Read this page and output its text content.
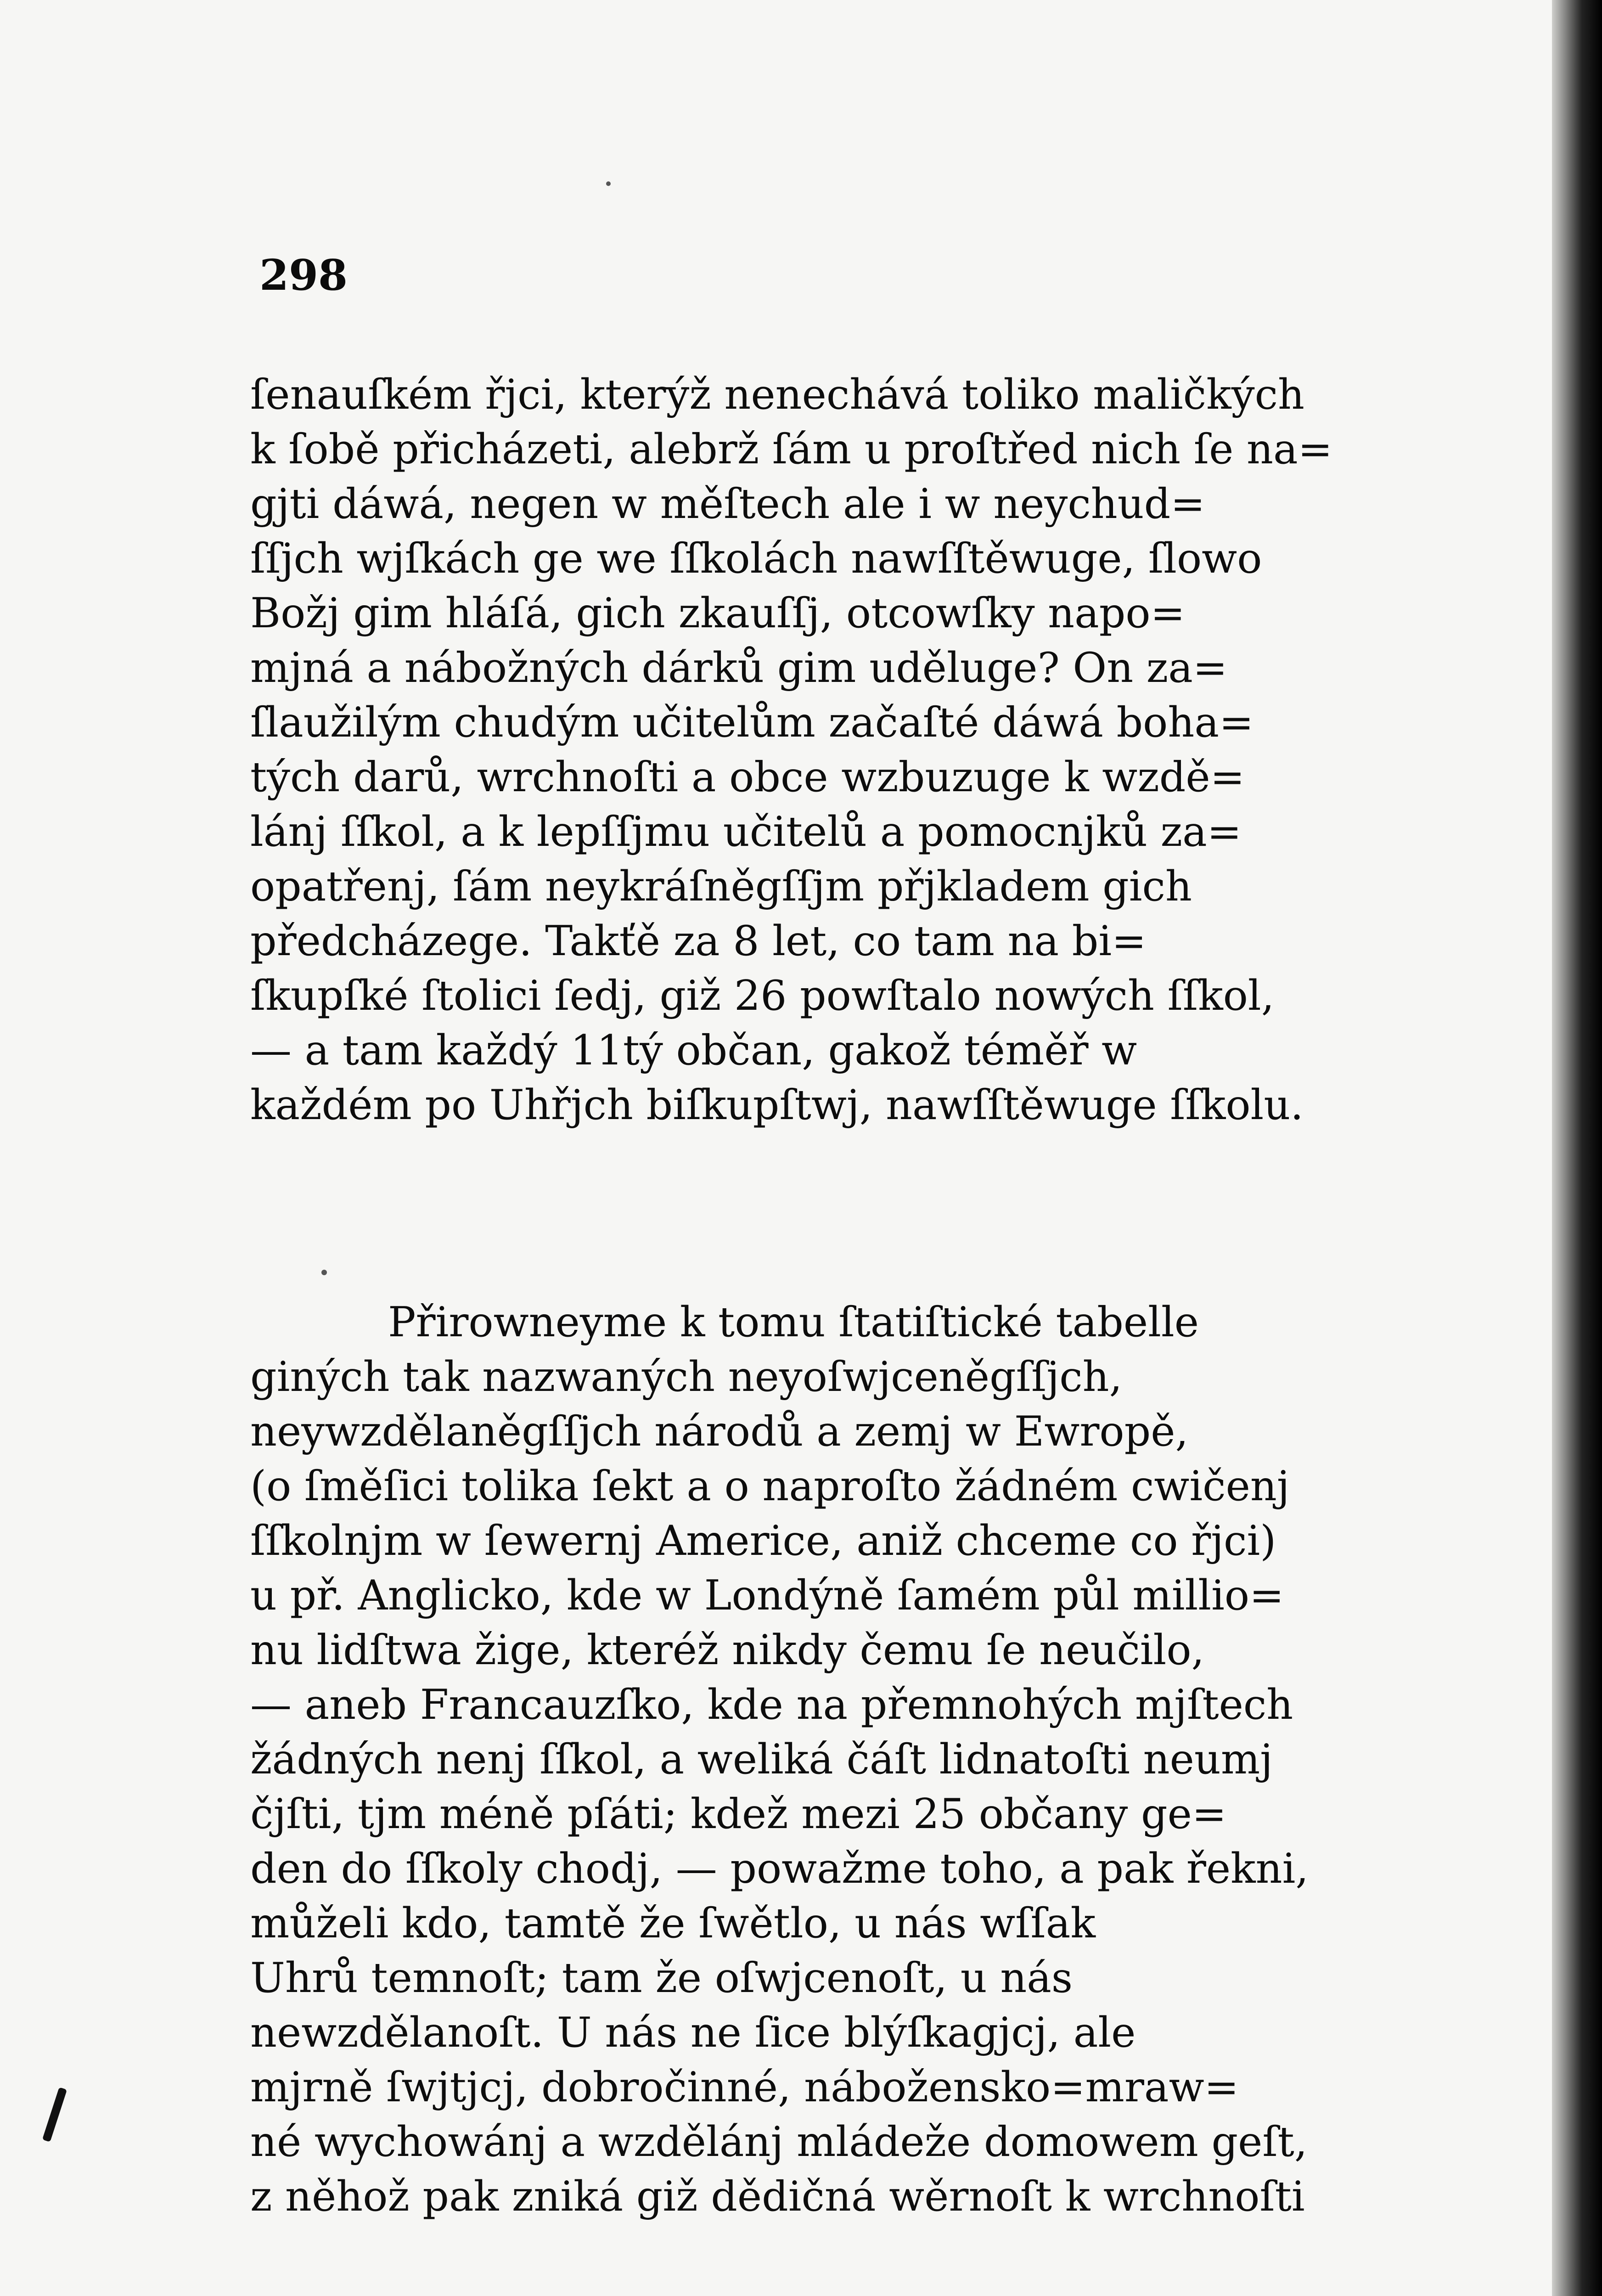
298
ſenauſkém řjci, kterýž nenechává toliko maličkých
k ſobě přicházeti, alebrž ſám u proſtřed nich ſe na=
gjti dáwá, negen w měſtech ale i w neychud=
ſſjch wjſkách ge we ſſkolách nawſſtěwuge, ſlowo
Božj gim hláſá, gich zkauſſj, otcowſky napo=
mjná a nábožných dárků gim uděluge? On za=
ſlaužilým chudým učitelům začaſté dáwá boha=
tých darů, wrchnoſti a obce wzbuzuge k wzdě=
lánj ſſkol, a k lepſſjmu učitelů a pomocnjků za=
opatřenj, ſám neykráſněgſſjm přjkladem gich
předcházege. Takťě za 8 let, co tam na bi=
ſkupſké ſtolici ſedj, giž 26 powſtalo nowých ſſkol,
— a tam každý 11tý občan, gakož téměř w
každém po Uhřjch biſkupſtwj, nawſſtěwuge ſſkolu.
Přirowneyme k tomu ſtatiſtické tabelle
giných tak nazwaných neyoſwjceněgſſjch,
neywzdělaněgſſjch národů a zemj w Ewropě,
(o ſměſici tolika ſekt a o naproſto žádném cwičenj
ſſkolnjm w ſewernj Americe, aniž chceme co řjci)
u př. Anglicko, kde w Londýně ſamém půl millio=
nu lidſtwa žige, kteréž nikdy čemu ſe neučilo,
— aneb Francauzſko, kde na přemnohých mjſtech
žádných nenj ſſkol, a weliká čáſt lidnatoſti neumj
čjſti, tjm méně pſáti; kdež mezi 25 občany ge=
den do ſſkoly chodj, — powažme toho, a pak řekni,
můželi kdo, tamtě že ſwětlo, u nás wſſak
Uhrů temnoſt; tam že oſwjcenoſt, u nás
newzdělanoſt. U nás ne ſice blýſkagjcj, ale
mjrně ſwjtjcj, dobročinné, nábožensko=mraw=
né wychowánj a wzdělánj mládeže domowem geſt,
z něhož pak zniká giž dědičná wěrnoſt k wrchnoſti
